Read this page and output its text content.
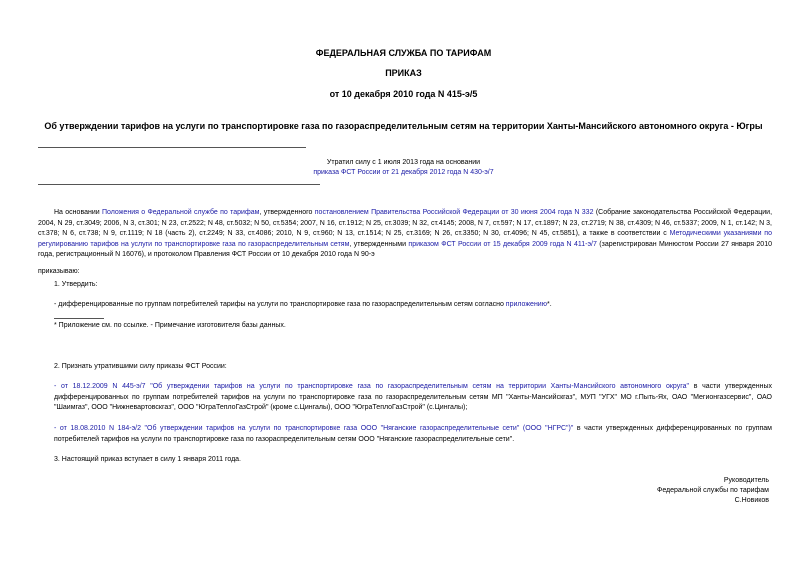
ФЕДЕРАЛЬНАЯ СЛУЖБА ПО ТАРИФАМ
ПРИКАЗ
от 10 декабря 2010 года N 415-э/5
Об утверждении тарифов на услуги по транспортировке газа по газораспределительным сетям на территории Ханты-Мансийского автономного округа - Югры
Утратил силу с 1 июля 2013 года на основании
приказа ФСТ России от 21 декабря 2012 года N 430-э/7
На основании Положения о Федеральной службе по тарифам, утвержденного постановлением Правительства Российской Федерации от 30 июня 2004 года N 332 (Собрание законодательства Российской Федерации, 2004, N 29, ст.3049; 2006, N 3, ст.301; N 23, ст.2522; N 48, ст.5032; N 50, ст.5354; 2007, N 16, ст.1912; N 25, ст.3039; N 32, ст.4145; 2008, N 7, ст.597; N 17, ст.1897; N 23, ст.2719; N 38, ст.4309; N 46, ст.5337; 2009, N 1, ст.142; N 3, ст.378; N 6, ст.738; N 9, ст.1119; N 18 (часть 2), ст.2249; N 33, ст.4086; 2010, N 9, ст.960; N 13, ст.1514; N 25, ст.3169; N 26, ст.3350; N 30, ст.4096; N 45, ст.5851), а также в соответствии с Методическими указаниями по регулированию тарифов на услуги по транспортировке газа по газораспределительным сетям, утвержденными приказом ФСТ России от 15 декабря 2009 года N 411-э/7 (зарегистрирован Минюстом России 27 января 2010 года, регистрационный N 16076), и протоколом Правления ФСТ России от 10 декабря 2010 года N 90-э
приказываю:
1. Утвердить:
- дифференцированные по группам потребителей тарифы на услуги по транспортировке газа по газораспределительным сетям согласно приложению*.
* Приложение см. по ссылке. - Примечание изготовителя базы данных.
2. Признать утратившими силу приказы ФСТ России:
- от 18.12.2009 N 445-э/7 "Об утверждении тарифов на услуги по транспортировке газа по газораспределительным сетям на территории Ханты-Мансийского автономного округа" в части утвержденных дифференцированных по группам потребителей тарифов на услуги по транспортировке газа по газораспределительным сетям МП "Ханты-Мансийскгаз", МУП "УГХ" МО г.Пыть-Ях, ОАО "Мегионгазсервис", ОАО "Шаимгаз", ООО "Нижневартовскгаз", ООО "ЮграТеплоГазСтрой" (кроме с.Цингалы), ООО "ЮграТеплоГазСтрой" (с.Цингалы);
- от 18.08.2010 N 184-э/2 "Об утверждении тарифов на услуги по транспортировке газа ООО "Няганские газораспределительные сети" (ООО "НГРС")" в части утвержденных дифференцированных по группам потребителей тарифов на услуги по транспортировке газа по газораспределительным сетям ООО "Няганские газораспределительные сети".
3. Настоящий приказ вступает в силу 1 января 2011 года.
Руководитель
Федеральной службы по тарифам
С.Новиков
